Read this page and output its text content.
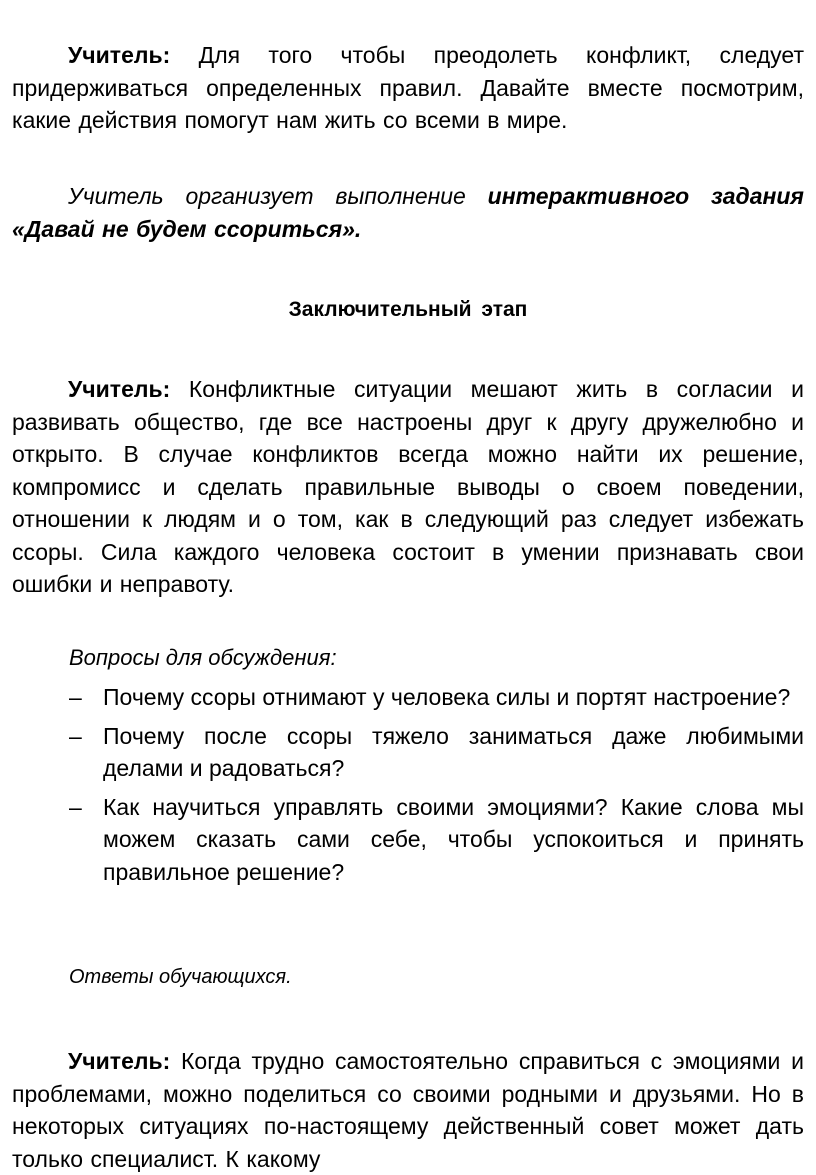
Учитель: Для того чтобы преодолеть конфликт, следует придерживаться определенных правил. Давайте вместе посмотрим, какие действия помогут нам жить со всеми в мире.

Учитель организует выполнение интерактивного задания «Давай не будем ссориться».

Заключительный этап

Учитель: Конфликтные ситуации мешают жить в согласии и развивать общество, где все настроены друг к другу дружелюбно и открыто. В случае конфликтов всегда можно найти их решение, компромисс и сделать правильные выводы о своем поведении, отношении к людям и о том, как в следующий раз следует избежать ссоры. Сила каждого человека состоит в умении признавать свои ошибки и неправоту.

Вопросы для обсуждения:

– Почему ссоры отнимают у человека силы и портят настроение?
– Почему после ссоры тяжело заниматься даже любимыми делами и радоваться?
– Как научиться управлять своими эмоциями? Какие слова мы можем сказать сами себе, чтобы успокоиться и принять правильное решение?

Ответы обучающихся.

Учитель: Когда трудно самостоятельно справиться с эмоциями и проблемами, можно поделиться со своими родными и друзьями. Но в некоторых ситуациях по-настоящему действенный совет может дать только специалист. К какому
